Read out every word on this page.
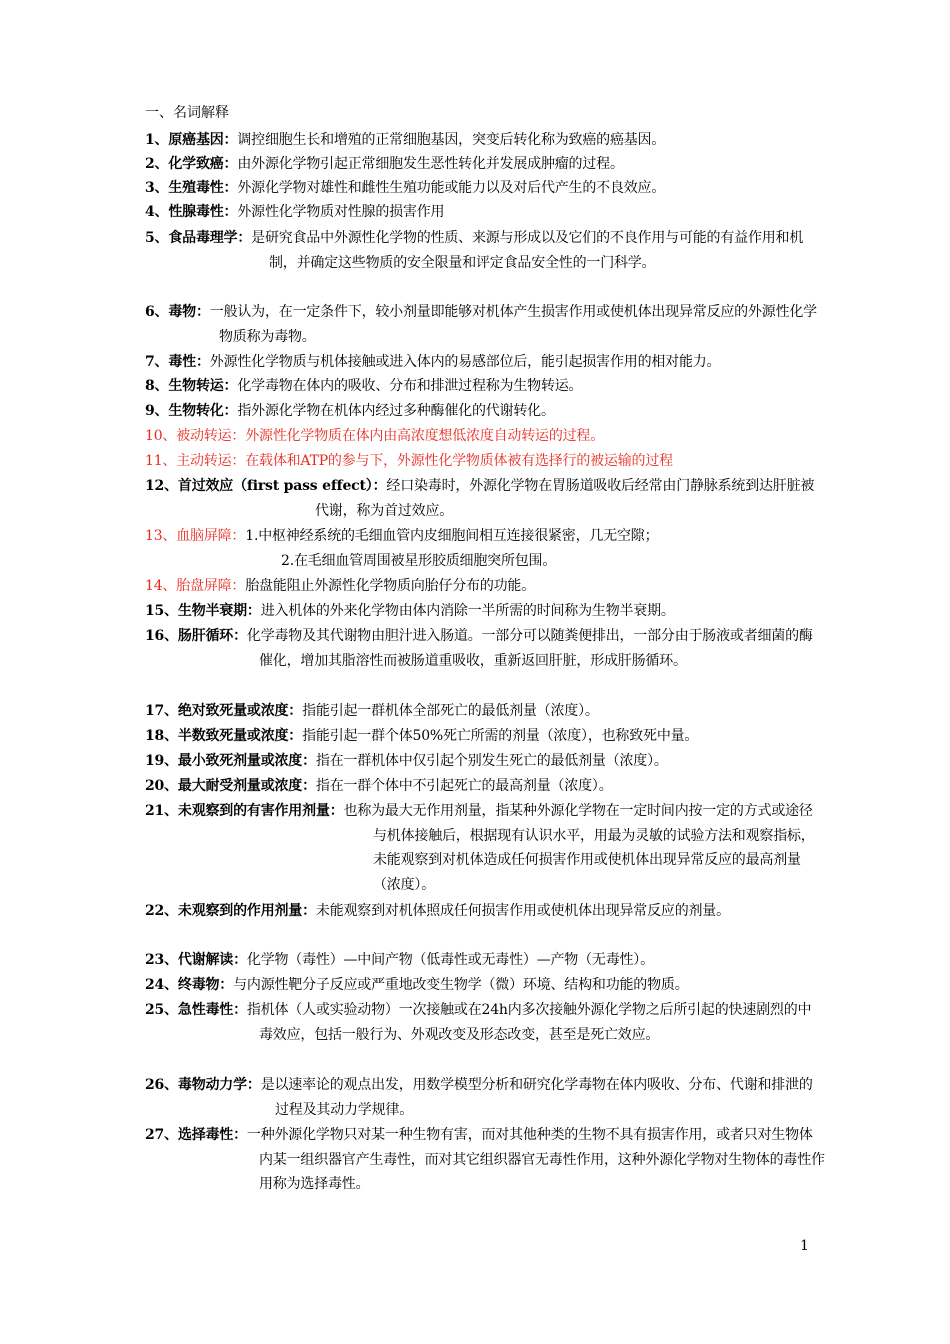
一、名词解释
1、原癌基因：调控细胞生长和增殖的正常细胞基因，突变后转化称为致癌的癌基因。
2、化学致癌：由外源化学物引起正常细胞发生恶性转化并发展成肿瘤的过程。
3、生殖毒性：外源化学物对雄性和雌性生殖功能或能力以及对后代产生的不良效应。
4、性腺毒性：外源性化学物质对性腺的损害作用
5、食品毒理学：是研究食品中外源性化学物的性质、来源与形成以及它们的不良作用与可能的有益作用和机制，并确定这些物质的安全限量和评定食品安全性的一门科学。
6、毒物：一般认为，在一定条件下，较小剂量即能够对机体产生损害作用或使机体出现异常反应的外源性化学物质称为毒物。
7、毒性：外源性化学物质与机体接触或进入体内的易感部位后，能引起损害作用的相对能力。
8、生物转运：化学毒物在体内的吸收、分布和排泄过程称为生物转运。
9、生物转化：指外源化学物在机体内经过多种酶催化的代谢转化。
10、被动转运：外源性化学物质在体内由高浓度想低浓度自动转运的过程。
11、主动转运：在载体和ATP的参与下，外源性化学物质体被有选择行的被运输的过程
12、首过效应（first pass effect）：经口染毒时，外源化学物在胃肠道吸收后经常由门静脉系统到达肝脏被代谢，称为首过效应。
13、血脑屏障：1.中枢神经系统的毛细血管内皮细胞间相互连接很紧密，几无空隙；
2.在毛细血管周围被星形胶质细胞突所包围。
14、胎盘屏障：胎盘能阻止外源性化学物质向胎仔分布的功能。
15、生物半衰期：进入机体的外来化学物由体内消除一半所需的时间称为生物半衰期。
16、肠肝循环：化学毒物及其代谢物由胆汁进入肠道。一部分可以随粪便排出，一部分由于肠液或者细菌的酶催化，增加其脂溶性而被肠道重吸收，重新返回肝脏，形成肝肠循环。
17、绝对致死量或浓度：指能引起一群机体全部死亡的最低剂量（浓度）。
18、半数致死量或浓度：指能引起一群个体50%死亡所需的剂量（浓度），也称致死中量。
19、最小致死剂量或浓度：指在一群机体中仅引起个别发生死亡的最低剂量（浓度）。
20、最大耐受剂量或浓度：指在一群个体中不引起死亡的最高剂量（浓度）。
21、未观察到的有害作用剂量：也称为最大无作用剂量，指某种外源化学物在一定时间内按一定的方式或途径与机体接触后，根据现有认识水平，用最为灵敏的试验方法和观察指标，未能观察到对机体造成任何损害作用或使机体出现异常反应的最高剂量（浓度）。
22、未观察到的作用剂量：未能观察到对机体照成任何损害作用或使机体出现异常反应的剂量。
23、代谢解读：化学物（毒性）—中间产物（低毒性或无毒性）—产物（无毒性）。
24、终毒物：与内源性靶分子反应或严重地改变生物学（微）环境、结构和功能的物质。
25、急性毒性：指机体（人或实验动物）一次接触或在24h内多次接触外源化学物之后所引起的快速剧烈的中毒效应，包括一般行为、外观改变及形态改变，甚至是死亡效应。
26、毒物动力学：是以速率论的观点出发，用数学模型分析和研究化学毒物在体内吸收、分布、代谢和排泄的过程及其动力学规律。
27、选择毒性：一种外源化学物只对某一种生物有害，而对其他种类的生物不具有损害作用，或者只对生物体内某一组织器官产生毒性，而对其它组织器官无毒性作用，这种外源化学物对生物体的毒性作用称为选择毒性。
1
